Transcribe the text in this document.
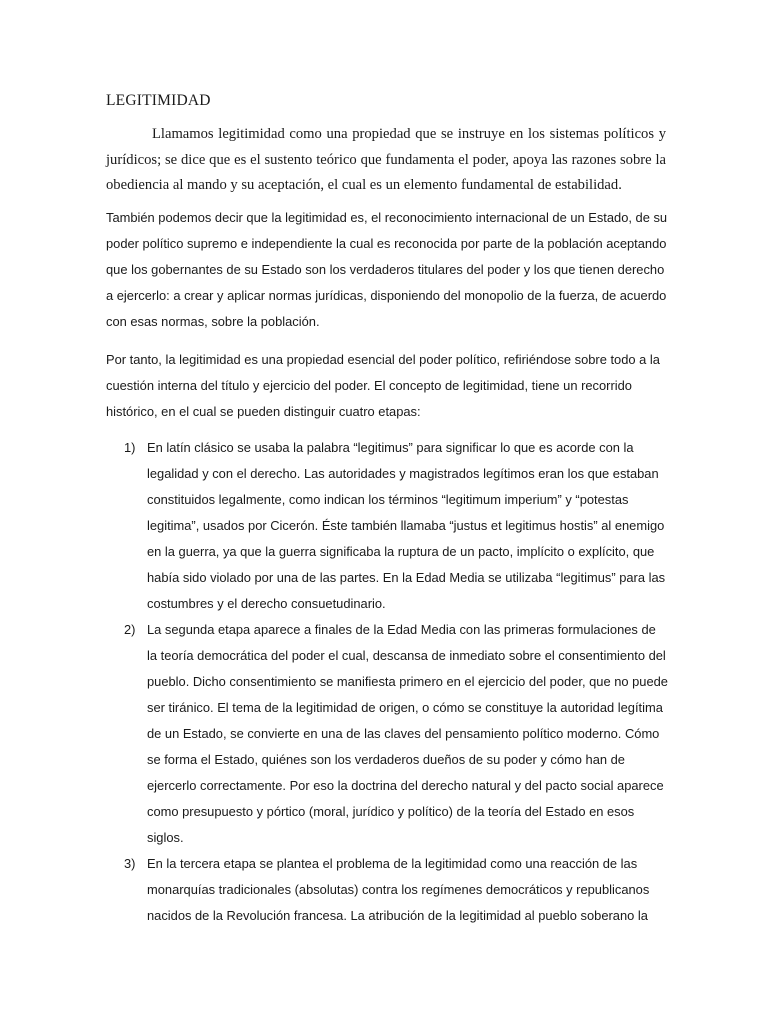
LEGITIMIDAD

Llamamos legitimidad como una propiedad que se instruye en los sistemas políticos y jurídicos; se dice que es el sustento teórico que fundamenta el poder, apoya las razones sobre la obediencia al mando y su aceptación, el cual es un elemento fundamental de estabilidad.

También podemos decir que la legitimidad es, el reconocimiento internacional de un Estado, de su poder político supremo e independiente la cual es reconocida por parte de la población aceptando que los gobernantes de su Estado son los verdaderos titulares del poder y los que tienen derecho a ejercerlo: a crear y aplicar normas jurídicas, disponiendo del monopolio de la fuerza, de acuerdo con esas normas, sobre la población.

Por tanto, la legitimidad es una propiedad esencial del poder político, refiriéndose sobre todo a la cuestión interna del título y ejercicio del poder. El concepto de legitimidad, tiene un recorrido histórico, en el cual se pueden distinguir cuatro etapas:

1) En latín clásico se usaba la palabra “legitimus” para significar lo que es acorde con la legalidad y con el derecho. Las autoridades y magistrados legítimos eran los que estaban constituidos legalmente, como indican los términos “legitimum imperium” y “potestas legitima”, usados por Cicerón. Éste también llamaba “justus et legitimus hostis” al enemigo en la guerra, ya que la guerra significaba la ruptura de un pacto, implícito o explícito, que había sido violado por una de las partes. En la Edad Media se utilizaba “legitimus” para las costumbres y el derecho consuetudinario.
2) La segunda etapa aparece a finales de la Edad Media con las primeras formulaciones de la teoría democrática del poder el cual, descansa de inmediato sobre el consentimiento del pueblo. Dicho consentimiento se manifiesta primero en el ejercicio del poder, que no puede ser tiránico. El tema de la legitimidad de origen, o cómo se constituye la autoridad legítima de un Estado, se convierte en una de las claves del pensamiento político moderno. Cómo se forma el Estado, quiénes son los verdaderos dueños de su poder y cómo han de ejercerlo correctamente. Por eso la doctrina del derecho natural y del pacto social aparece como presupuesto y pórtico (moral, jurídico y político) de la teoría del Estado en esos siglos.
3) En la tercera etapa se plantea el problema de la legitimidad como una reacción de las monarquías tradicionales (absolutas) contra los regímenes democráticos y republicanos nacidos de la Revolución francesa. La atribución de la legitimidad al pueblo soberano la
